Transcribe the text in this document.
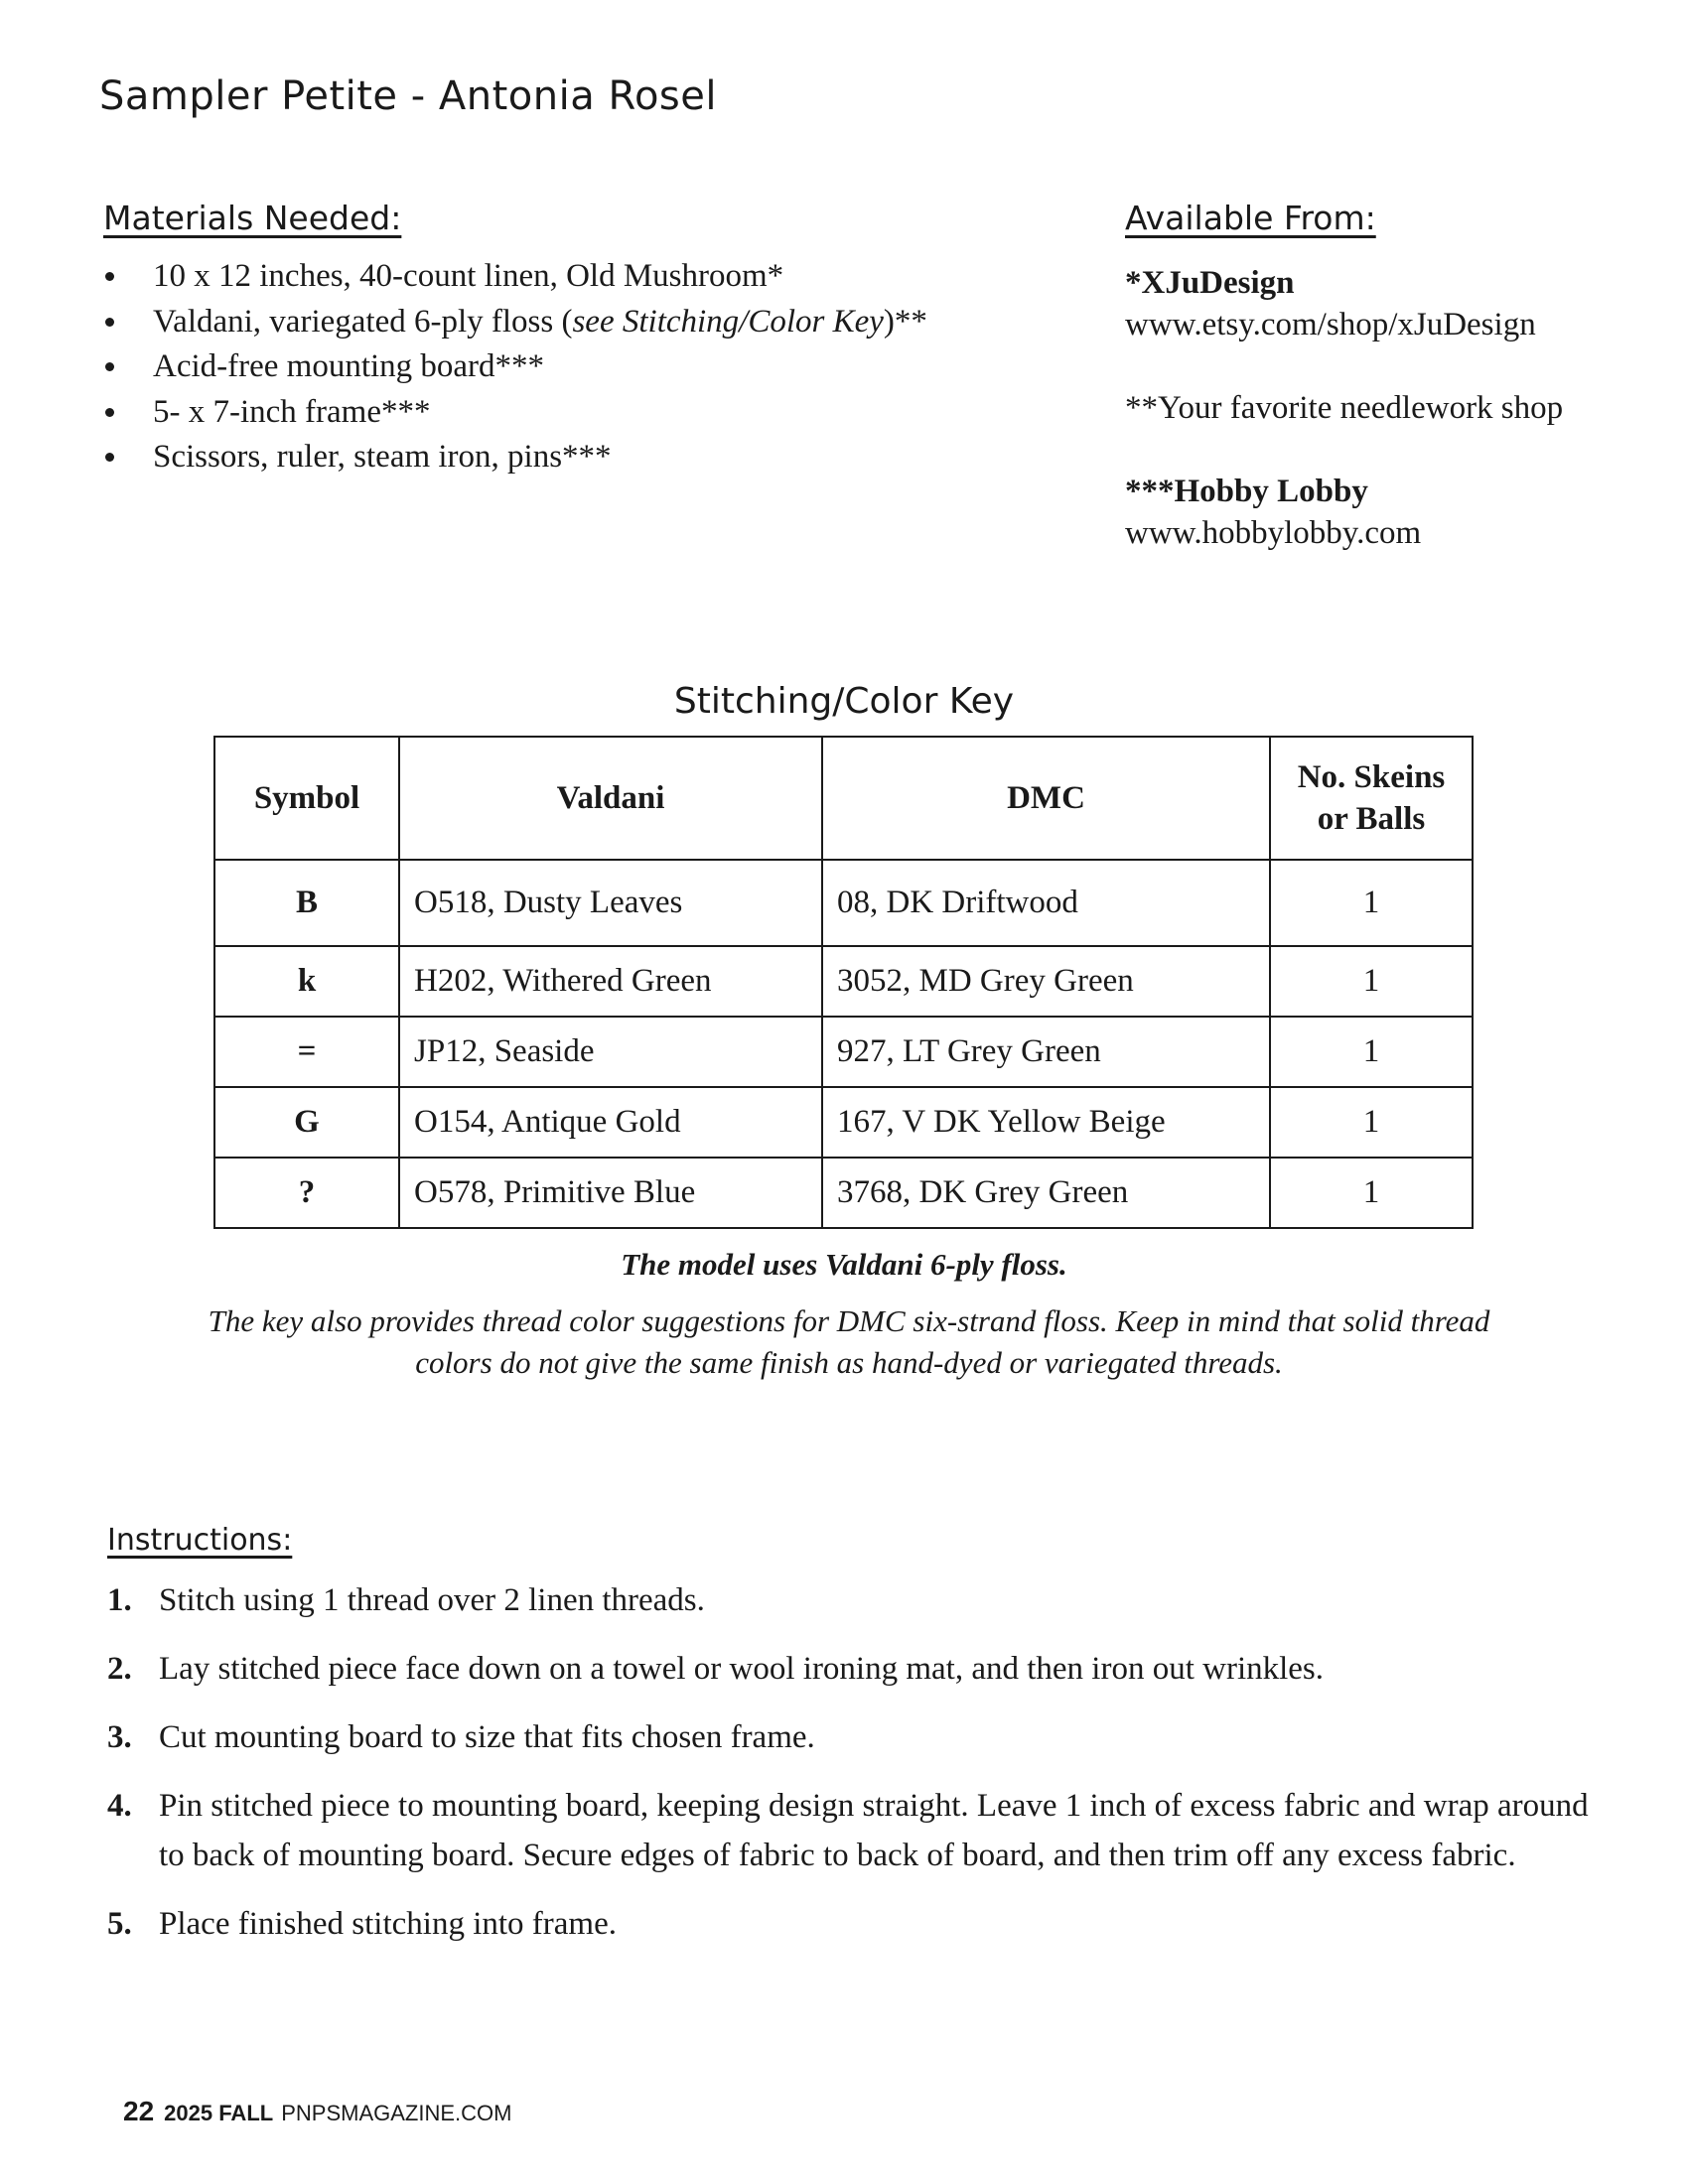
Sampler Petite - Antonia Rosel
Materials Needed:
10 x 12 inches, 40-count linen, Old Mushroom*
Valdani, variegated 6-ply floss (see Stitching/Color Key)**
Acid-free mounting board***
5- x 7-inch frame***
Scissors, ruler, steam iron, pins***
Available From:
*XJuDesign
www.etsy.com/shop/xJuDesign
**Your favorite needlework shop
***Hobby Lobby
www.hobbylobby.com
Stitching/Color Key
Symbol	Valdani	DMC	No. Skeins
or Balls
B	O518, Dusty Leaves	08, DK Driftwood	1
k	H202, Withered Green	3052, MD Grey Green	1
=	JP12, Seaside	927, LT Grey Green	1
G	O154, Antique Gold	167, V DK Yellow Beige	1
?	O578, Primitive Blue	3768, DK Grey Green	1
The model uses Valdani 6-ply floss.
The key also provides thread color suggestions for DMC six-strand floss. Keep in mind that solid thread colors do not give the same finish as hand-dyed or variegated threads.
Instructions:
1. Stitch using 1 thread over 2 linen threads.
2. Lay stitched piece face down on a towel or wool ironing mat, and then iron out wrinkles.
3. Cut mounting board to size that fits chosen frame.
4. Pin stitched piece to mounting board, keeping design straight. Leave 1 inch of excess fabric and wrap around to back of mounting board. Secure edges of fabric to back of board, and then trim off any excess fabric.
5. Place finished stitching into frame.
22 2025 FALL PNPSMAGAZINE.COM
